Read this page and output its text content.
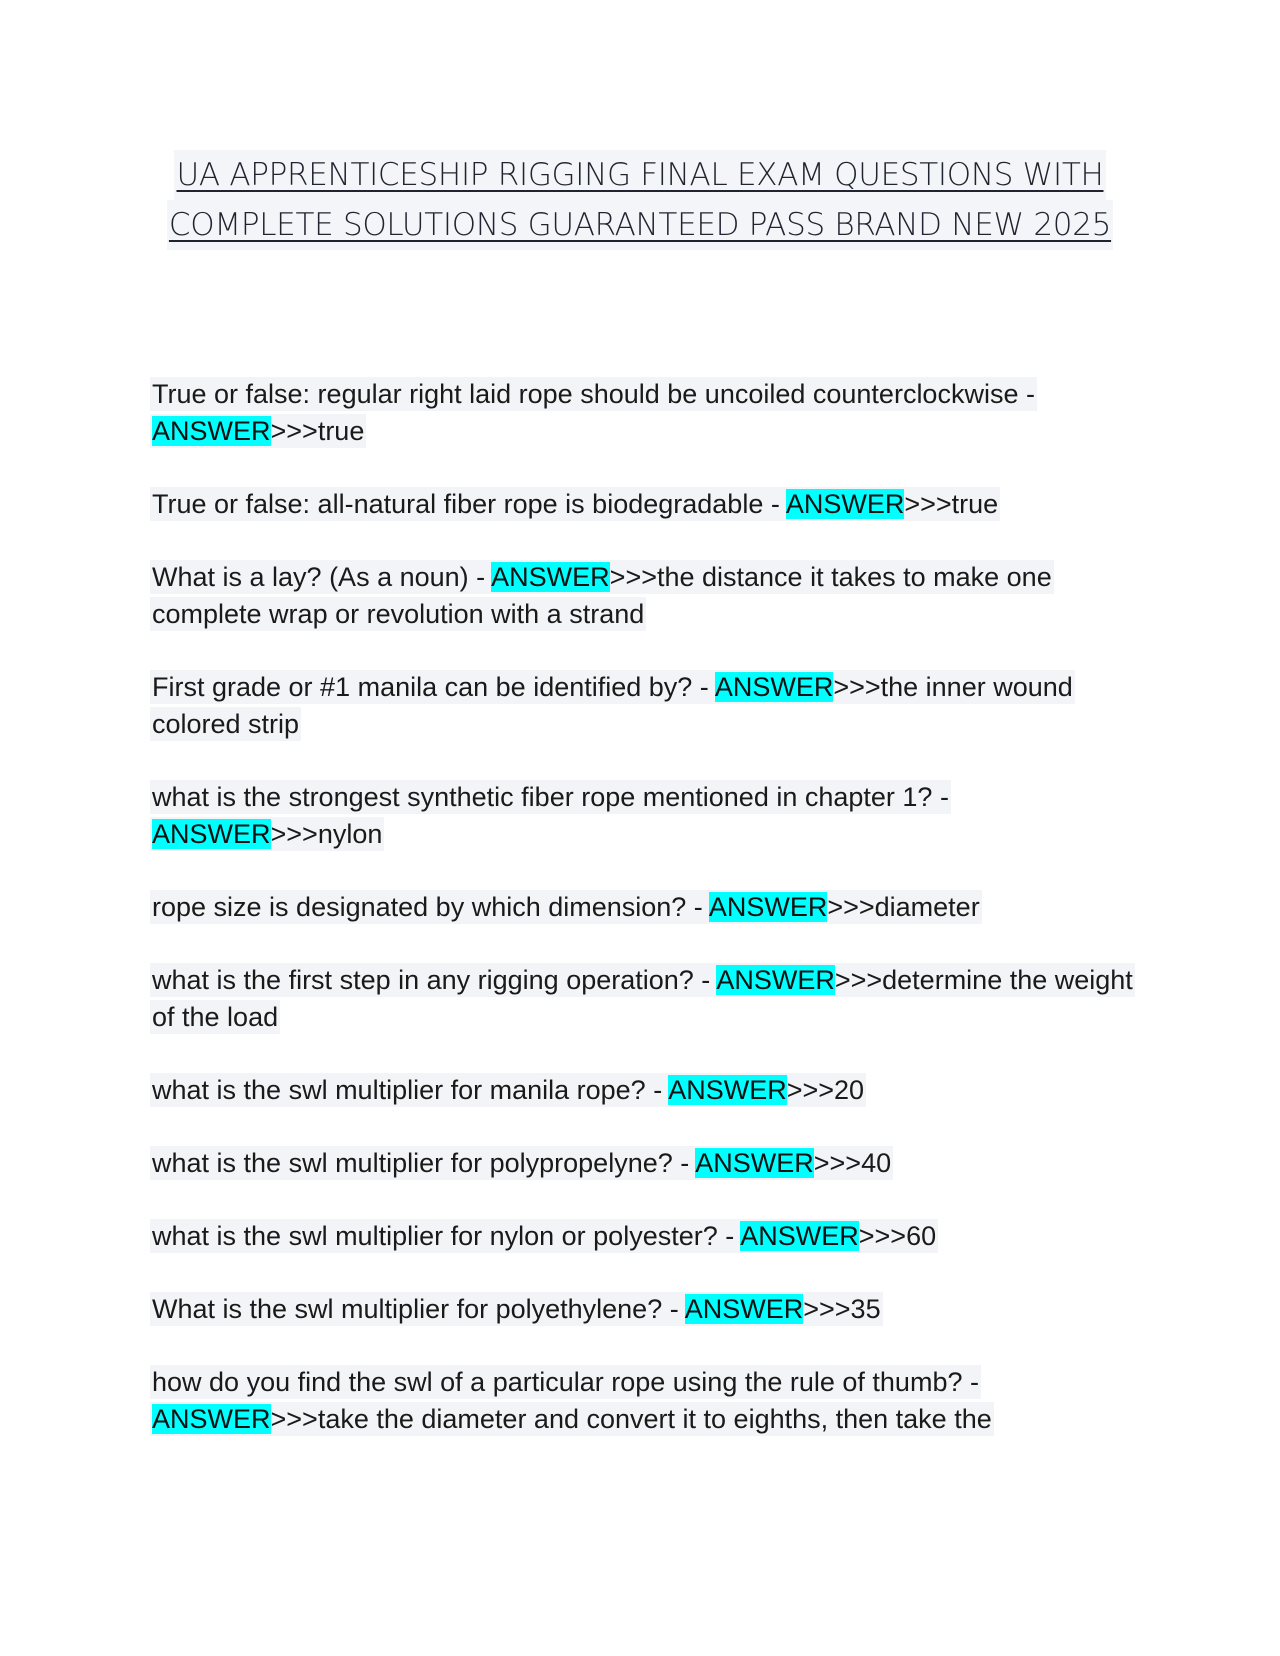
UA APPRENTICESHIP RIGGING FINAL EXAM QUESTIONS WITH
COMPLETE SOLUTIONS GUARANTEED PASS BRAND NEW 2025
True or false: regular right laid rope should be uncoiled counterclockwise - ANSWER>>>true
True or false: all-natural fiber rope is biodegradable - ANSWER>>>true
What is a lay? (As a noun) - ANSWER>>>the distance it takes to make one complete wrap or revolution with a strand
First grade or #1 manila can be identified by? - ANSWER>>>the inner wound colored strip
what is the strongest synthetic fiber rope mentioned in chapter 1? - ANSWER>>>nylon
rope size is designated by which dimension? - ANSWER>>>diameter
what is the first step in any rigging operation? - ANSWER>>>determine the weight of the load
what is the swl multiplier for manila rope? - ANSWER>>>20
what is the swl multiplier for polypropelyne? - ANSWER>>>40
what is the swl multiplier for nylon or polyester? - ANSWER>>>60
What is the swl multiplier for polyethylene? - ANSWER>>>35
how do you find the swl of a particular rope using the rule of thumb? - ANSWER>>>take the diameter and convert it to eighths, then take the
